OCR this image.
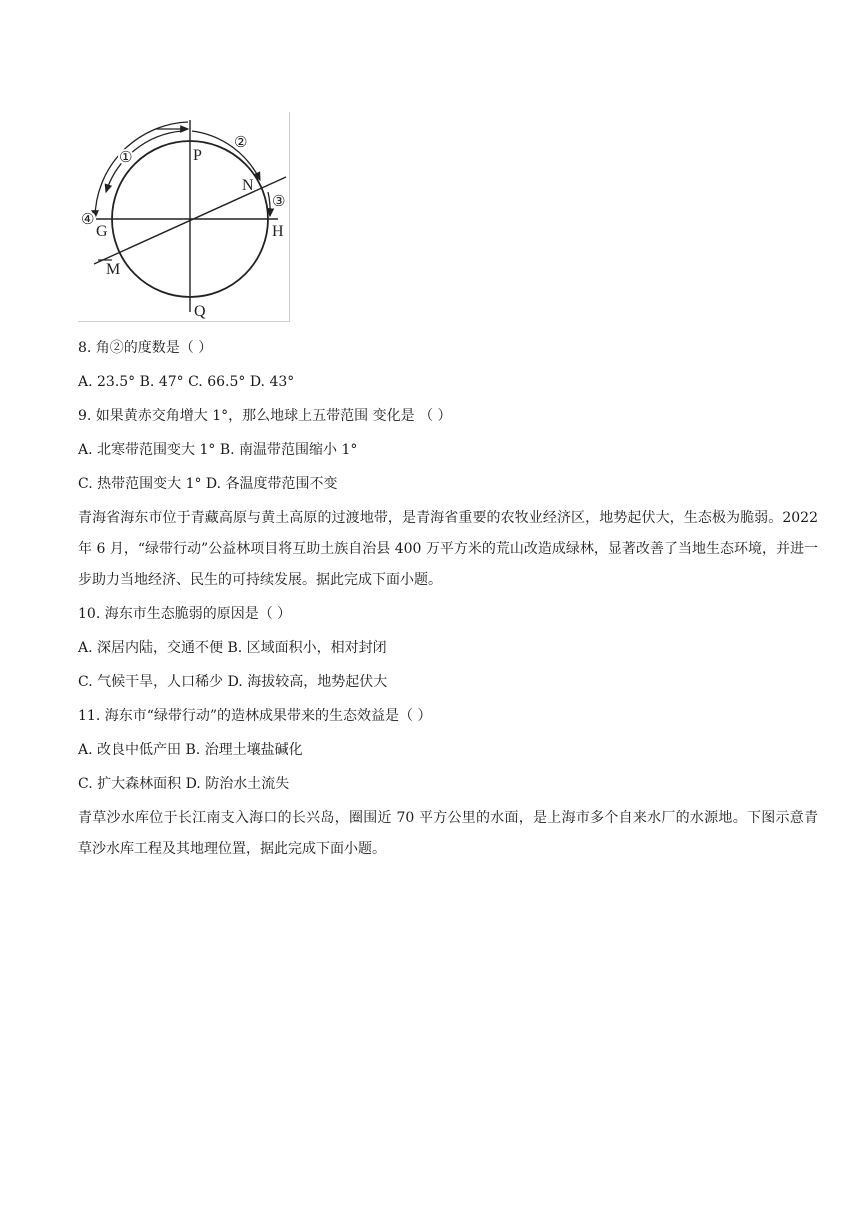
P
Q
G	H
N
M
①
②
③
④

8. 角②的度数是（ ）

A. 23.5° B. 47° C. 66.5° D. 43°

9. 如果黄赤交角增大 1°，那么地球上五带范围 变化是 （ ）

A. 北寒带范围变大 1° B. 南温带范围缩小 1°

C. 热带范围变大 1° D. 各温度带范围不变

青海省海东市位于青藏高原与黄土高原的过渡地带，是青海省重要的农牧业经济区，地势起伏大，生态极为脆弱。2022 年 6 月，“绿带行动”公益林项目将互助土族自治县 400 万平方米的荒山改造成绿林，显著改善了当地生态环境，并进一步助力当地经济、民生的可持续发展。据此完成下面小题。

10. 海东市生态脆弱的原因是（ ）

A. 深居内陆，交通不便 B. 区域面积小，相对封闭

C. 气候干旱，人口稀少 D. 海拔较高，地势起伏大

11. 海东市“绿带行动”的造林成果带来的生态效益是（ ）

A. 改良中低产田 B. 治理土壤盐碱化

C. 扩大森林面积 D. 防治水土流失

青草沙水库位于长江南支入海口的长兴岛，圈围近 70 平方公里的水面，是上海市多个自来水厂的水源地。下图示意青草沙水库工程及其地理位置，据此完成下面小题。
